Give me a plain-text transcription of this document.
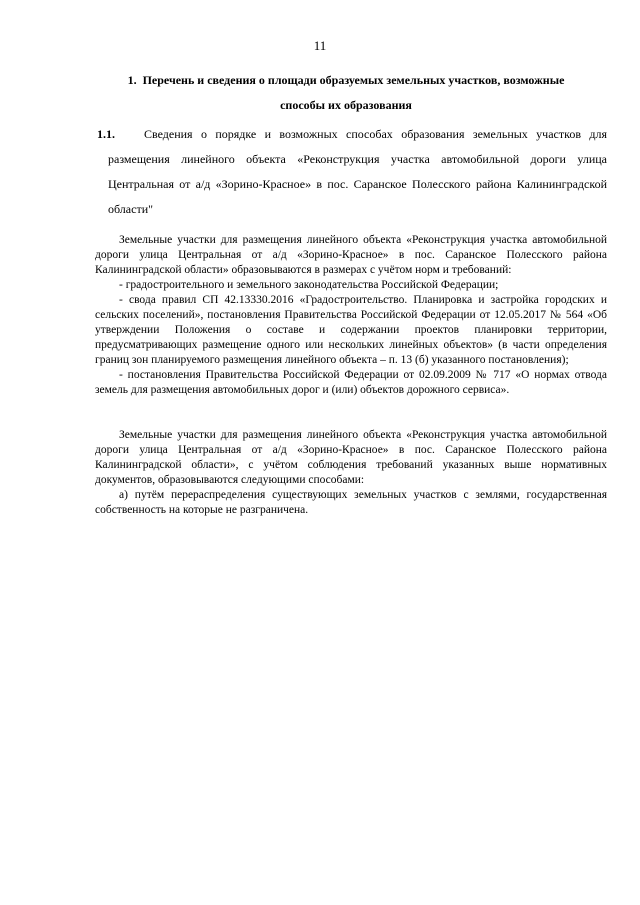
11
1. Перечень и сведения о площади образуемых земельных участков, возможные
способы их образования
1.1.	Сведения о порядке и возможных способах образования земельных участков для размещения линейного объекта «Реконструкция участка автомобильной дороги улица Центральная от а/д «Зорино-Красное» в пос. Саранское Полесского района Калининградской области"

Земельные участки для размещения линейного объекта «Реконструкция участка автомобильной дороги улица Центральная от а/д «Зорино-Красное» в пос. Саранское Полесского района Калининградской области» образовываются в размерах с учётом норм и требований:

- градостроительного и земельного законодательства Российской Федерации;

- свода правил СП 42.13330.2016 «Градостроительство. Планировка и застройка городских и сельских поселений», постановления Правительства Российской Федерации от 12.05.2017 № 564 «Об утверждении Положения о составе и содержании проектов планировки территории, предусматривающих размещение одного или нескольких линейных объектов» (в части определения границ зон планируемого размещения линейного объекта – п. 13 (б) указанного постановления);

- постановления Правительства Российской Федерации от 02.09.2009 № 717 «О нормах отвода земель для размещения автомобильных дорог и (или) объектов дорожного сервиса».

Земельные участки для размещения линейного объекта «Реконструкция участка автомобильной дороги улица Центральная от а/д «Зорино-Красное» в пос. Саранское Полесского района Калининградской области», с учётом соблюдения требований указанных выше нормативных документов, образовываются следующими способами:

а) путём перераспределения существующих земельных участков с землями, государственная собственность на которые не разграничена.
